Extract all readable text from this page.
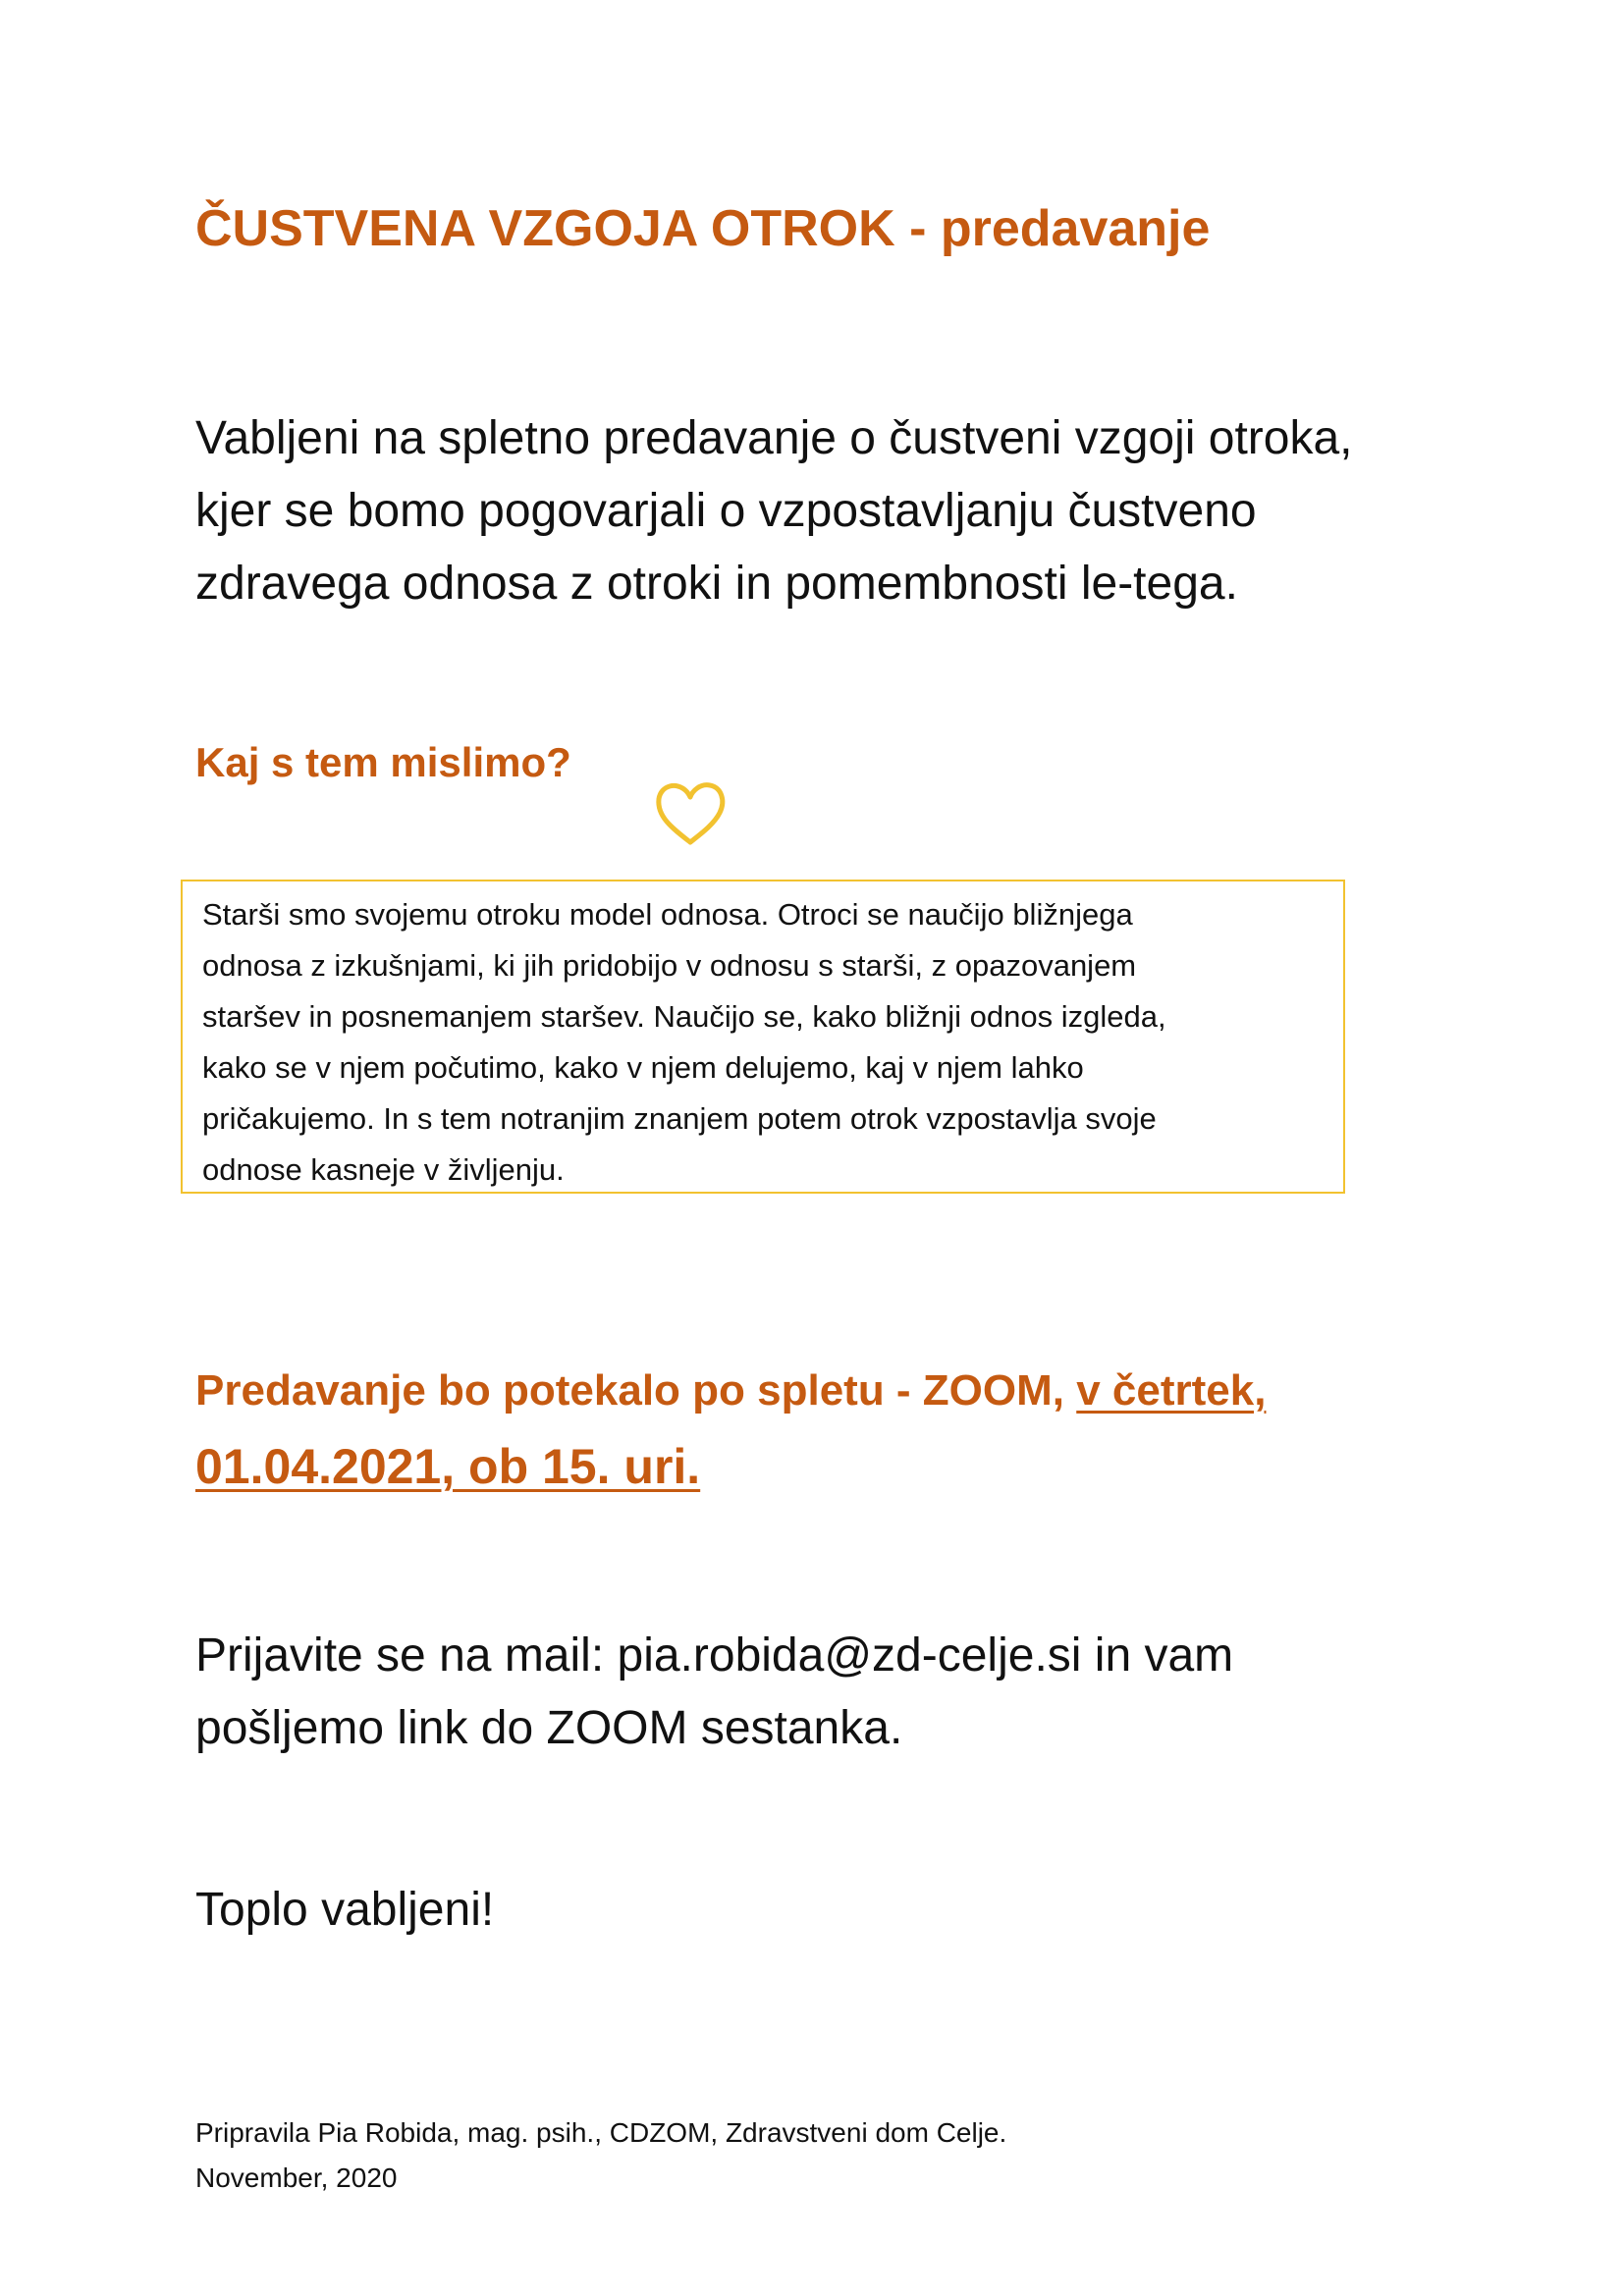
ČUSTVENA VZGOJA OTROK - predavanje
Vabljeni na spletno predavanje o čustveni vzgoji otroka,
kjer se bomo pogovarjali o vzpostavljanju čustveno
zdravega odnosa z otroki in pomembnosti le-tega.
Kaj s tem mislimo?
Starši smo svojemu otroku model odnosa. Otroci se naučijo bližnjega
odnosa z izkušnjami, ki jih pridobijo v odnosu s starši, z opazovanjem
staršev in posnemanjem staršev. Naučijo se, kako bližnji odnos izgleda,
kako se v njem počutimo, kako v njem delujemo, kaj v njem lahko
pričakujemo. In s tem notranjim znanjem potem otrok vzpostavlja svoje
odnose kasneje v življenju.
Predavanje bo potekalo po spletu - ZOOM, v četrtek,
01.04.2021, ob 15. uri.
Prijavite se na mail: pia.robida@zd-celje.si in vam
pošljemo link do ZOOM sestanka.
Toplo vabljeni!
Pripravila Pia Robida, mag. psih., CDZOM, Zdravstveni dom Celje.
November, 2020
